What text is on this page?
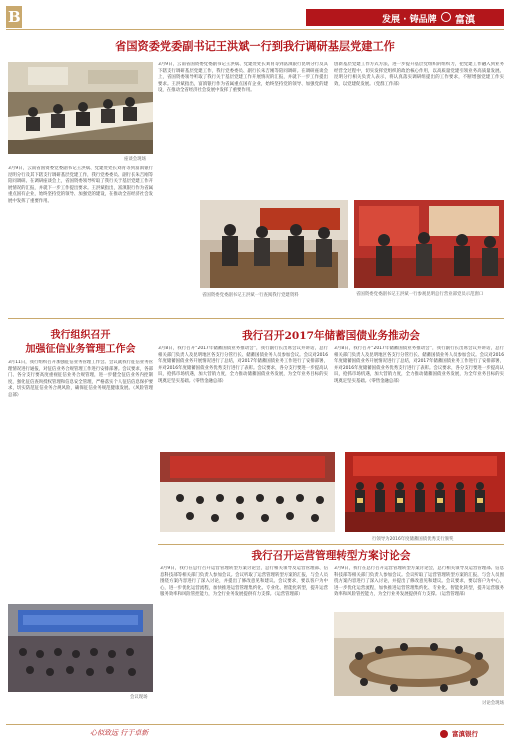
B	发展 · 铸品牌 富滇
省国资委党委副书记王洪斌一行到我行调研基层党建工作
座谈会现场
3月9日，云南省国资委党委副书记王洪斌、党建处处长刘育等到富滇银行昆明分行及其下辖支行调研基层党建工作，我行党委委员、副行长朱吉刚等陪同调研。在调研座谈会上，省国资委领导听取了我行关于基层党建工作开展情况的汇报，并就下一步工作提出要求。王洪斌指出，富滇银行作为省属重点国有企业，始终坚持党的领导、加强党的建设，在推动全省经济社会发展中发挥了重要作用。
3月9日，云南省国资委党委副书记王洪斌、党建处处长刘育等到富滇银行昆明分行及其下辖支行调研基层党建工作，我行党委委员、副行长朱吉刚等陪同调研。在调研座谈会上，省国资委领导听取了我行关于基层党建工作开展情况的汇报，并就下一步工作提出要求。王洪斌指出，富滇银行作为省属重点国有企业，始终坚持党的领导、加强党的建设，在推动全省经济社会发展中发挥了重要作用。
创新基层党建工作方式方法，进一步提升基层党组织的组织力，把党建工作融入到业务经营全过程中，切实发挥党组织的政治核心作用，以高质量党建引领业务高质量发展。昆明分行相关负责人表示，将认真落实调研组提出的工作要求，不断增强党建工作实效，以党建促发展。（党群工作部）
省国资委党委副书记王洪斌一行查阅我行党建资料	省国资委党委副书记王洪斌一行参观昆明总行营业部党员示范窗口
我行组织召开
加强征信业务管理工作会
3月11日，我行组织召开加强征信业务管理工作会。会议就我行征信业务管理情况进行通报，对征信业务合规管理工作进行安排部署。会议要求，各部门、各分支行要高度重视征信业务合规管理，进一步健全征信业务内控制度，强化征信查询授权管理和信息安全管理，严格落实个人征信信息保护要求，切实防范征信业务合规风险，确保征信业务规范健康发展。（风险管理总部）
会议现场
我行召开2017年储蓄国债业务推动会
3月8日，我行召开“2017年储蓄国债业务推动会”，我行副行长出席会议并讲话，总行相关部门负责人及昆明地区各支行分管行长、储蓄国债业务人员参加会议。会议对2016年度储蓄国债业务开展情况进行了总结，对2017年储蓄国债业务工作进行了安排部署，并对2016年度储蓄国债业务优秀支行进行了表彰。会议要求，各分支行要进一步提高认识，抢抓市场机遇，加大营销力度，全力推动储蓄国债业务发展，为全年业务目标的实现奠定坚实基础。（零售金融总部）
3月8日，我行召开“2017年储蓄国债业务推动会”，我行副行长出席会议并讲话，总行相关部门负责人及昆明地区各支行分管行长、储蓄国债业务人员参加会议。会议对2016年度储蓄国债业务开展情况进行了总结，对2017年储蓄国债业务工作进行了安排部署，并对2016年度储蓄国债业务优秀支行进行了表彰。会议要求，各分支行要进一步提高认识，抢抓市场机遇，加大营销力度，全力推动储蓄国债业务发展，为全年业务目标的实现奠定坚实基础。（零售金融总部）
行领导为2016年度储蓄国债优秀支行颁奖
我行召开运营管理转型方案讨论会
3月9日，我行在总行召开运营管理转型方案讨论会，总行相关领导及运营管理部、信息科技部等相关部门负责人参加会议。会议听取了运营管理转型方案的汇报，与会人员围绕方案内容进行了深入讨论，并提出了修改意见和建议。会议要求，要以客户为中心，进一步优化运营流程，加快推进运营管理集约化、专业化、智能化转型，提升运营服务效率和风险管控能力，为全行业务发展提供有力支撑。（运营管理部）
3月9日，我行在总行召开运营管理转型方案讨论会，总行相关领导及运营管理部、信息科技部等相关部门负责人参加会议。会议听取了运营管理转型方案的汇报，与会人员围绕方案内容进行了深入讨论，并提出了修改意见和建议。会议要求，要以客户为中心，进一步优化运营流程，加快推进运营管理集约化、专业化、智能化转型，提升运营服务效率和风险管控能力，为全行业务发展提供有力支撑。（运营管理部）
讨论会现场
心似致远 行于卓新	富滇银行
